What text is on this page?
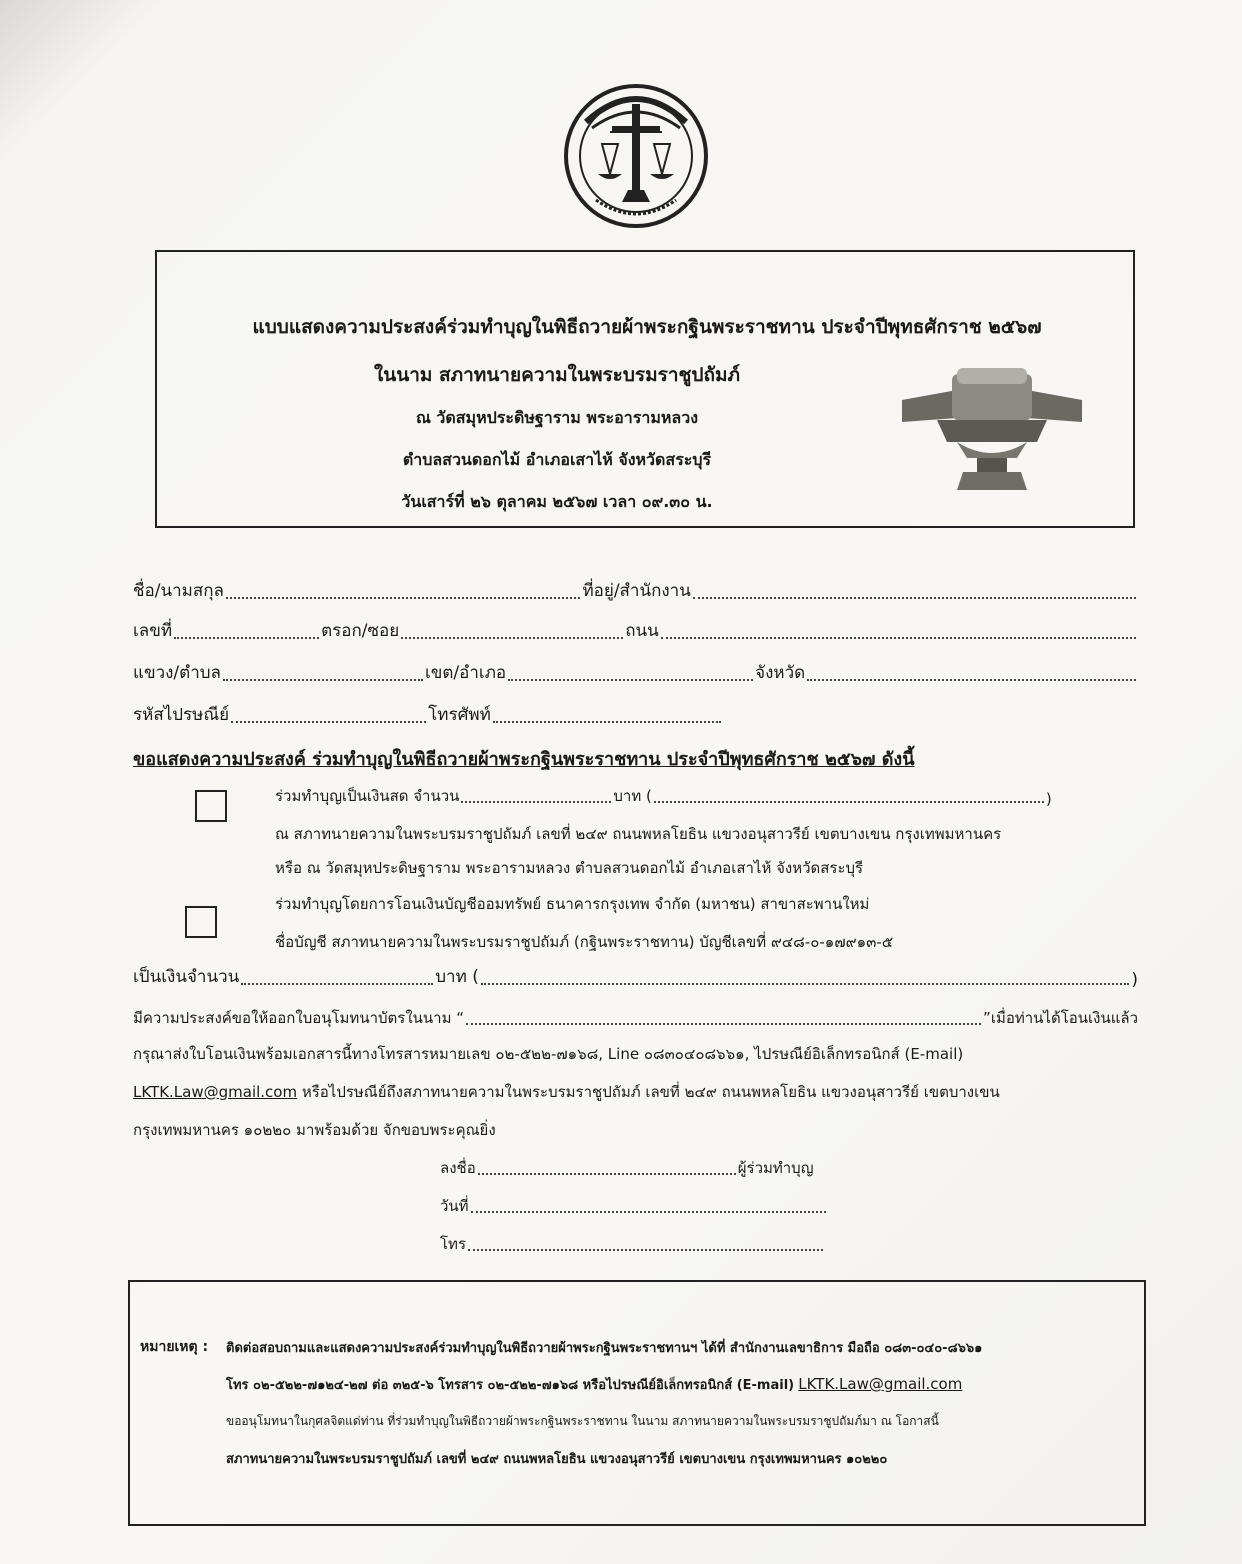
แบบแสดงความประสงค์ร่วมทำบุญในพิธีถวายผ้าพระกฐินพระราชทาน ประจำปีพุทธศักราช ๒๕๖๗
ในนาม สภาทนายความในพระบรมราชูปถัมภ์
ณ วัดสมุหประดิษฐาราม พระอารามหลวง
ตำบลสวนดอกไม้ อำเภอเสาไห้ จังหวัดสระบุรี
วันเสาร์ที่ ๒๖ ตุลาคม ๒๕๖๗ เวลา ๐๙.๓๐ น.
ชื่อ/นามสกุล	ที่อยู่/สำนักงาน
เลขที่	ตรอก/ซอย	ถนน
แขวง/ตำบล	เขต/อำเภอ	จังหวัด
รหัสไปรษณีย์	โทรศัพท์
ขอแสดงความประสงค์ ร่วมทำบุญในพิธีถวายผ้าพระกฐินพระราชทาน ประจำปีพุทธศักราช ๒๕๖๗ ดังนี้
ร่วมทำบุญเป็นเงินสด จำนวน	บาท (	)
ณ สภาทนายความในพระบรมราชูปถัมภ์ เลขที่ ๒๔๙ ถนนพหลโยธิน แขวงอนุสาวรีย์ เขตบางเขน กรุงเทพมหานคร
หรือ ณ วัดสมุหประดิษฐาราม พระอารามหลวง ตำบลสวนดอกไม้ อำเภอเสาไห้ จังหวัดสระบุรี
ร่วมทำบุญโดยการโอนเงินบัญชีออมทรัพย์ ธนาคารกรุงเทพ จำกัด (มหาชน) สาขาสะพานใหม่
ชื่อบัญชี สภาทนายความในพระบรมราชูปถัมภ์ (กฐินพระราชทาน) บัญชีเลขที่ ๙๔๘-๐-๑๗๙๑๓-๕
เป็นเงินจำนวน	บาท (	)
มีความประสงค์ขอให้ออกใบอนุโมทนาบัตรในนาม “	”เมื่อท่านได้โอนเงินแล้ว
กรุณาส่งใบโอนเงินพร้อมเอกสารนี้ทางโทรสารหมายเลข ๐๒-๕๒๒-๗๑๖๘, Line ๐๘๓๐๔๐๘๖๖๑, ไปรษณีย์อิเล็กทรอนิกส์ (E-mail)
LKTK.Law@gmail.com หรือไปรษณีย์ถึงสภาทนายความในพระบรมราชูปถัมภ์ เลขที่ ๒๔๙ ถนนพหลโยธิน แขวงอนุสาวรีย์ เขตบางเขน
กรุงเทพมหานคร ๑๐๒๒๐ มาพร้อมด้วย จักขอบพระคุณยิ่ง
ลงชื่อ	ผู้ร่วมทำบุญ
วันที่
โทร
หมายเหตุ : ติดต่อสอบถามและแสดงความประสงค์ร่วมทำบุญในพิธีถวายผ้าพระกฐินพระราชทานฯ ได้ที่ สำนักงานเลขาธิการ มือถือ ๐๘๓-๐๔๐-๘๖๖๑
โทร ๐๒-๕๒๒-๗๑๒๔-๒๗ ต่อ ๓๒๕-๖ โทรสาร ๐๒-๕๒๒-๗๑๖๘ หรือไปรษณีย์อิเล็กทรอนิกส์ (E-mail) LKTK.Law@gmail.com
ขออนุโมทนาในกุศลจิตแด่ท่าน ที่ร่วมทำบุญในพิธีถวายผ้าพระกฐินพระราชทาน ในนาม สภาทนายความในพระบรมราชูปถัมภ์มา ณ โอกาสนี้
สภาทนายความในพระบรมราชูปถัมภ์ เลขที่ ๒๔๙ ถนนพหลโยธิน แขวงอนุสาวรีย์ เขตบางเขน กรุงเทพมหานคร ๑๐๒๒๐
